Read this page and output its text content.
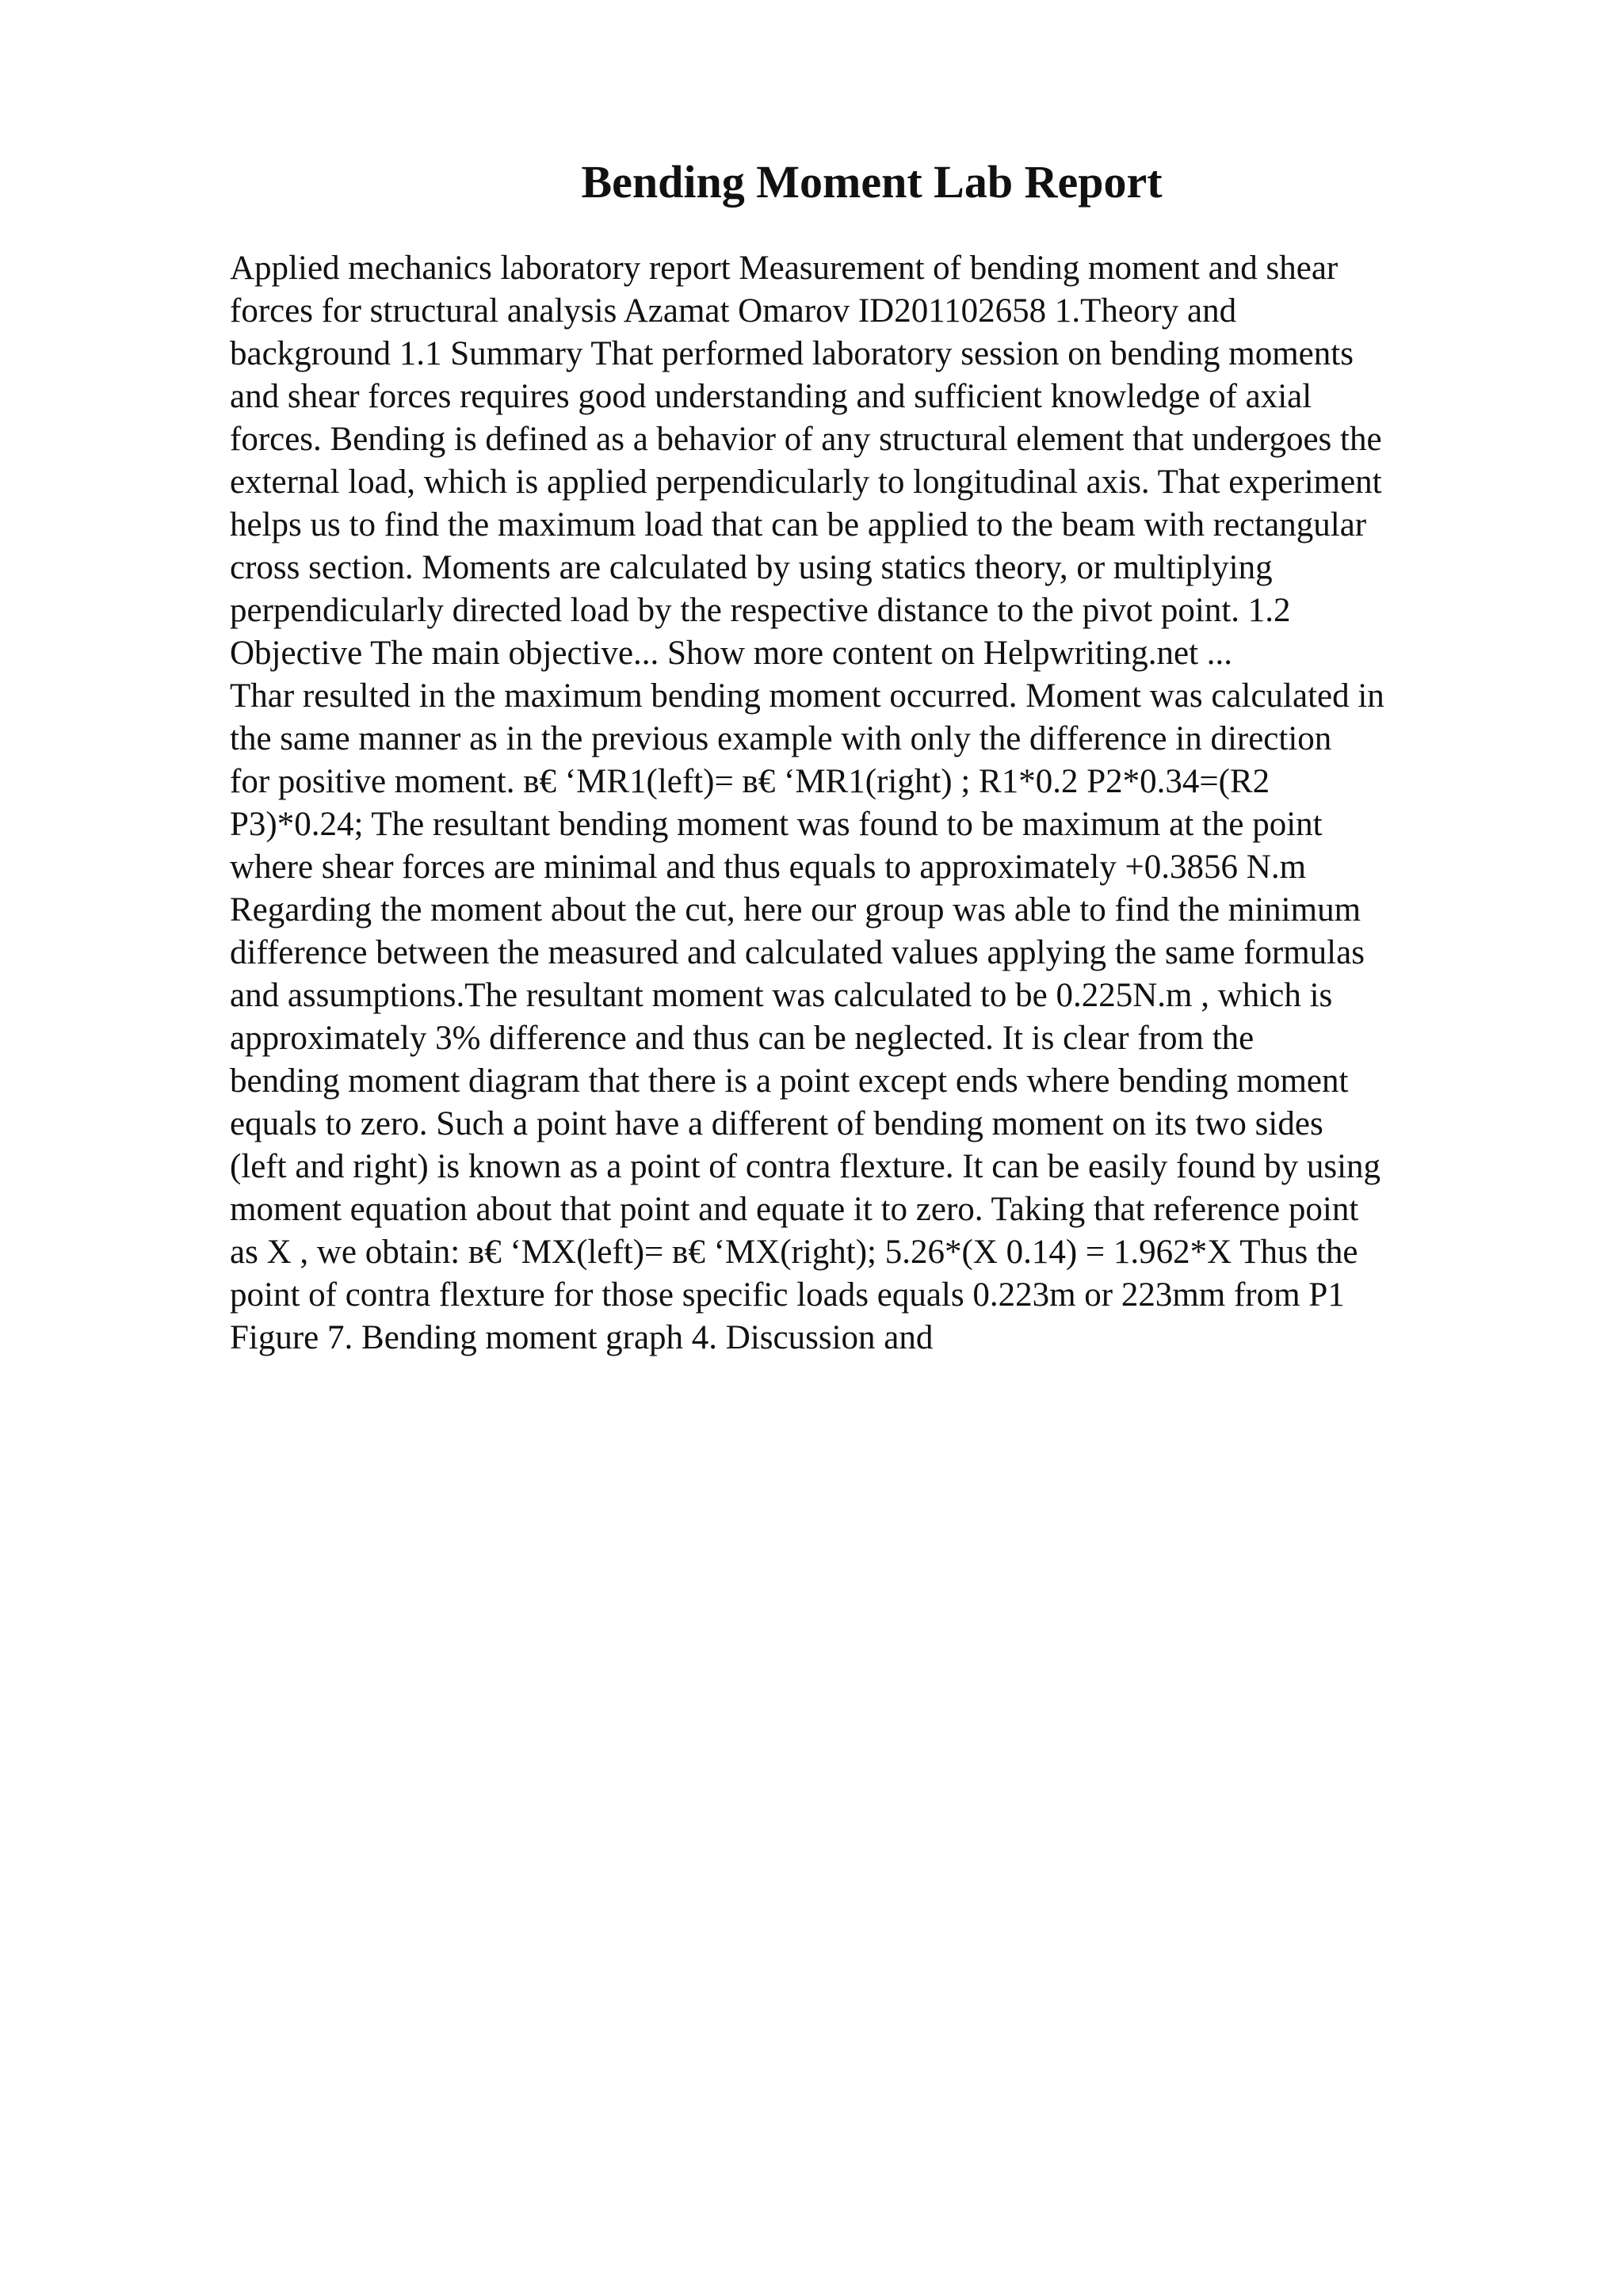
Bending Moment Lab Report
Applied mechanics laboratory report Measurement of bending moment and shear
forces for structural analysis Azamat Omarov ID201102658 1.Theory and
background 1.1 Summary That performed laboratory session on bending moments
and shear forces requires good understanding and sufficient knowledge of axial
forces. Bending is defined as a behavior of any structural element that undergoes the
external load, which is applied perpendicularly to longitudinal axis. That experiment
helps us to find the maximum load that can be applied to the beam with rectangular
cross section. Moments are calculated by using statics theory, or multiplying
perpendicularly directed load by the respective distance to the pivot point. 1.2
Objective The main objective... Show more content on Helpwriting.net ...
Thar resulted in the maximum bending moment occurred. Moment was calculated in
the same manner as in the previous example with only the difference in direction
for positive moment. в€ ‘MR1(left)= в€ ‘MR1(right) ; R1*0.2 P2*0.34=(R2
P3)*0.24; The resultant bending moment was found to be maximum at the point
where shear forces are minimal and thus equals to approximately +0.3856 N.m
Regarding the moment about the cut, here our group was able to find the minimum
difference between the measured and calculated values applying the same formulas
and assumptions.The resultant moment was calculated to be 0.225N.m , which is
approximately 3% difference and thus can be neglected. It is clear from the
bending moment diagram that there is a point except ends where bending moment
equals to zero. Such a point have a different of bending moment on its two sides
(left and right) is known as a point of contra flexture. It can be easily found by using
moment equation about that point and equate it to zero. Taking that reference point
as X , we obtain: в€ ‘MX(left)= в€ ‘MX(right); 5.26*(X 0.14) = 1.962*X Thus the
point of contra flexture for those specific loads equals 0.223m or 223mm from P1
Figure 7. Bending moment graph 4. Discussion and
